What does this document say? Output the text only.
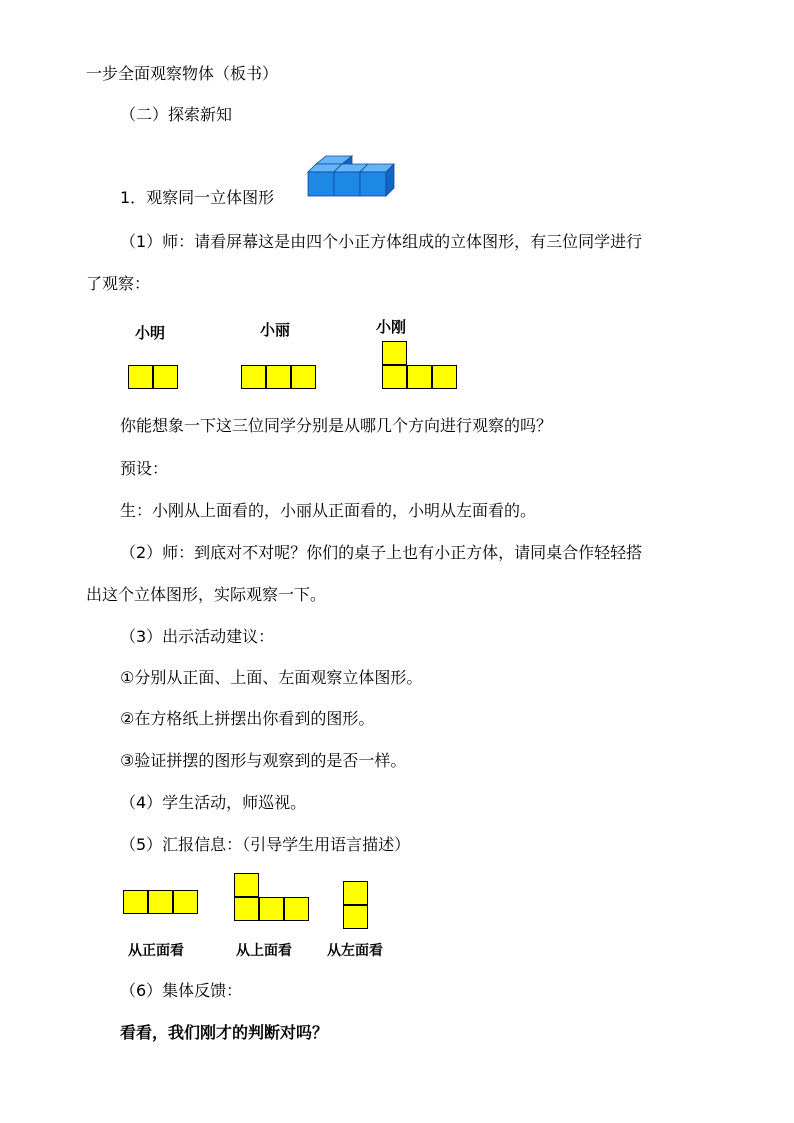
一步全面观察物体（板书）
（二）探索新知
1．观察同一立体图形
（1）师：请看屏幕这是由四个小正方体组成的立体图形，有三位同学进行
了观察：
小明	小丽	小刚
你能想象一下这三位同学分别是从哪几个方向进行观察的吗？
预设：
生：小刚从上面看的，小丽从正面看的，小明从左面看的。
（2）师：到底对不对呢？你们的桌子上也有小正方体，请同桌合作轻轻搭
出这个立体图形，实际观察一下。
（3）出示活动建议：
①分别从正面、上面、左面观察立体图形。
②在方格纸上拼摆出你看到的图形。
③验证拼摆的图形与观察到的是否一样。
（4）学生活动，师巡视。
（5）汇报信息：（引导学生用语言描述）
从正面看	从上面看	从左面看
（6）集体反馈：
看看，我们刚才的判断对吗？
